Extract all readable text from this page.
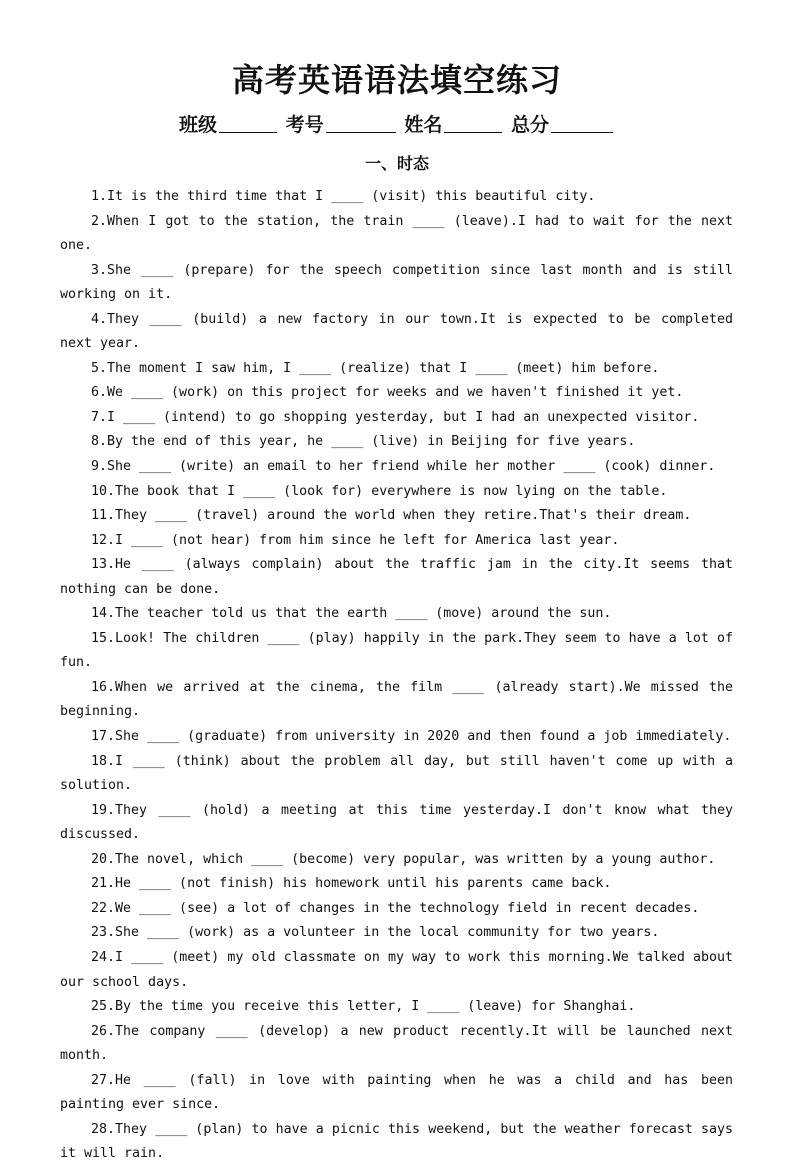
高考英语语法填空练习
班级	考号	姓名	总分
一、时态
1.It is the third time that I ____ (visit) this beautiful city.
2.When I got to the station, the train ____ (leave).I had to wait for the next one.
3.She ____ (prepare) for the speech competition since last month and is still working on it.
4.They ____ (build) a new factory in our town.It is expected to be completed next year.
5.The moment I saw him, I ____ (realize) that I ____ (meet) him before.
6.We ____ (work) on this project for weeks and we haven't finished it yet.
7.I ____ (intend) to go shopping yesterday, but I had an unexpected visitor.
8.By the end of this year, he ____ (live) in Beijing for five years.
9.She ____ (write) an email to her friend while her mother ____ (cook) dinner.
10.The book that I ____ (look for) everywhere is now lying on the table.
11.They ____ (travel) around the world when they retire.That's their dream.
12.I ____ (not hear) from him since he left for America last year.
13.He ____ (always complain) about the traffic jam in the city.It seems that nothing can be done.
14.The teacher told us that the earth ____ (move) around the sun.
15.Look! The children ____ (play) happily in the park.They seem to have a lot of fun.
16.When we arrived at the cinema, the film ____ (already start).We missed the beginning.
17.She ____ (graduate) from university in 2020 and then found a job immediately.
18.I ____ (think) about the problem all day, but still haven't come up with a solution.
19.They ____ (hold) a meeting at this time yesterday.I don't know what they discussed.
20.The novel, which ____ (become) very popular, was written by a young author.
21.He ____ (not finish) his homework until his parents came back.
22.We ____ (see) a lot of changes in the technology field in recent decades.
23.She ____ (work) as a volunteer in the local community for two years.
24.I ____ (meet) my old classmate on my way to work this morning.We talked about our school days.
25.By the time you receive this letter, I ____ (leave) for Shanghai.
26.The company ____ (develop) a new product recently.It will be launched next month.
27.He ____ (fall) in love with painting when he was a child and has been painting ever since.
28.They ____ (plan) to have a picnic this weekend, but the weather forecast says it will rain.
